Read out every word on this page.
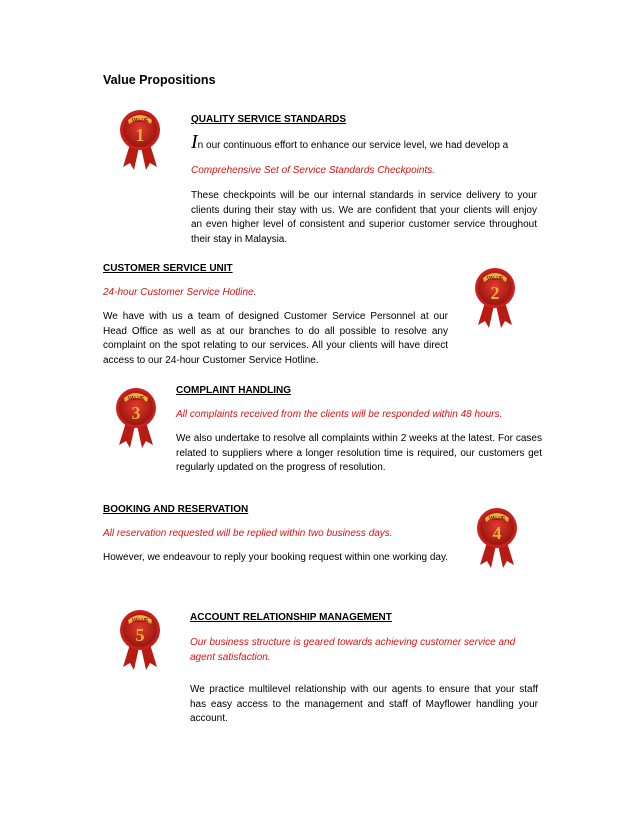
Value Propositions
VALUE
1
QUALITY SERVICE STANDARDS
In our continuous effort to enhance our service level, we had develop a
Comprehensive Set of Service Standards Checkpoints.
These checkpoints will be our internal standards in service delivery to your clients during their stay with us. We are confident that your clients will enjoy an even higher level of consistent and superior customer service throughout their stay in Malaysia.
CUSTOMER SERVICE UNIT
24-hour Customer Service Hotline.
We have with us a team of designed Customer Service Personnel at our Head Office as well as at our branches to do all possible to resolve any complaint on the spot relating to our services. All your clients will have direct access to our 24-hour Customer Service Hotline.
VALUE
2
VALUE
3
COMPLAINT HANDLING
All complaints received from the clients will be responded within 48 hours.
We also undertake to resolve all complaints within 2 weeks at the latest. For cases related to suppliers where a longer resolution time is required, our customers get regularly updated on the progress of resolution.
BOOKING AND RESERVATION
All reservation requested will be replied within two business days.
However, we endeavour to reply your booking request within one working day.
VALUE
4
VALUE
5
ACCOUNT RELATIONSHIP MANAGEMENT
Our business structure is geared towards achieving customer service and agent satisfaction.
We practice multilevel relationship with our agents to ensure that your staff has easy access to the management and staff of Mayflower handling your account.
